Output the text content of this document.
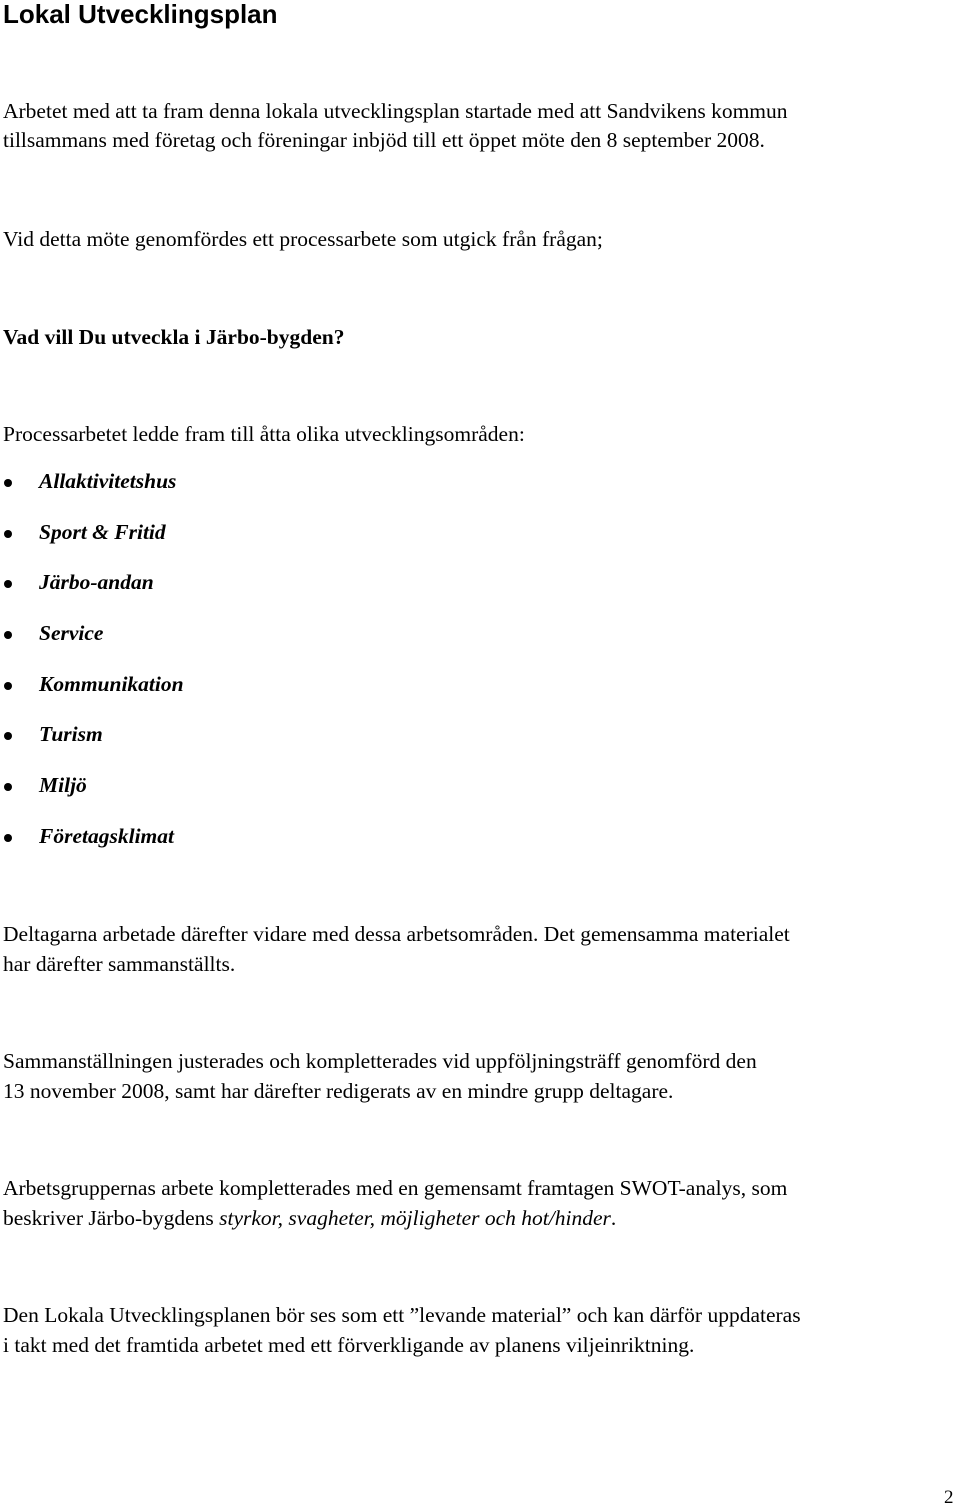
Lokal Utvecklingsplan

Arbetet med att ta fram denna lokala utvecklingsplan startade med att Sandvikens kommun

tillsammans med företag och föreningar inbjöd till ett öppet möte den 8 september 2008.

Vid detta möte genomfördes ett processarbete som utgick från frågan;

Vad vill Du utveckla i Järbo-bygden?

Processarbetet ledde fram till åtta olika utvecklingsområden:

Allaktivitetshus
Sport & Fritid
Järbo-andan
Service
Kommunikation
Turism
Miljö
Företagsklimat

Deltagarna arbetade därefter vidare med dessa arbetsområden. Det gemensamma materialet

har därefter sammanställts.

Sammanställningen justerades och kompletterades vid uppföljningsträff genomförd den

13 november 2008, samt har därefter redigerats av en mindre grupp deltagare.

Arbetsgruppernas arbete kompletterades med en gemensamt framtagen SWOT-analys, som

beskriver Järbo-bygdens styrkor, svagheter, möjligheter och hot/hinder.

Den Lokala Utvecklingsplanen bör ses som ett ”levande material” och kan därför uppdateras

i takt med det framtida arbetet med ett förverkligande av planens viljeinriktning.

2
